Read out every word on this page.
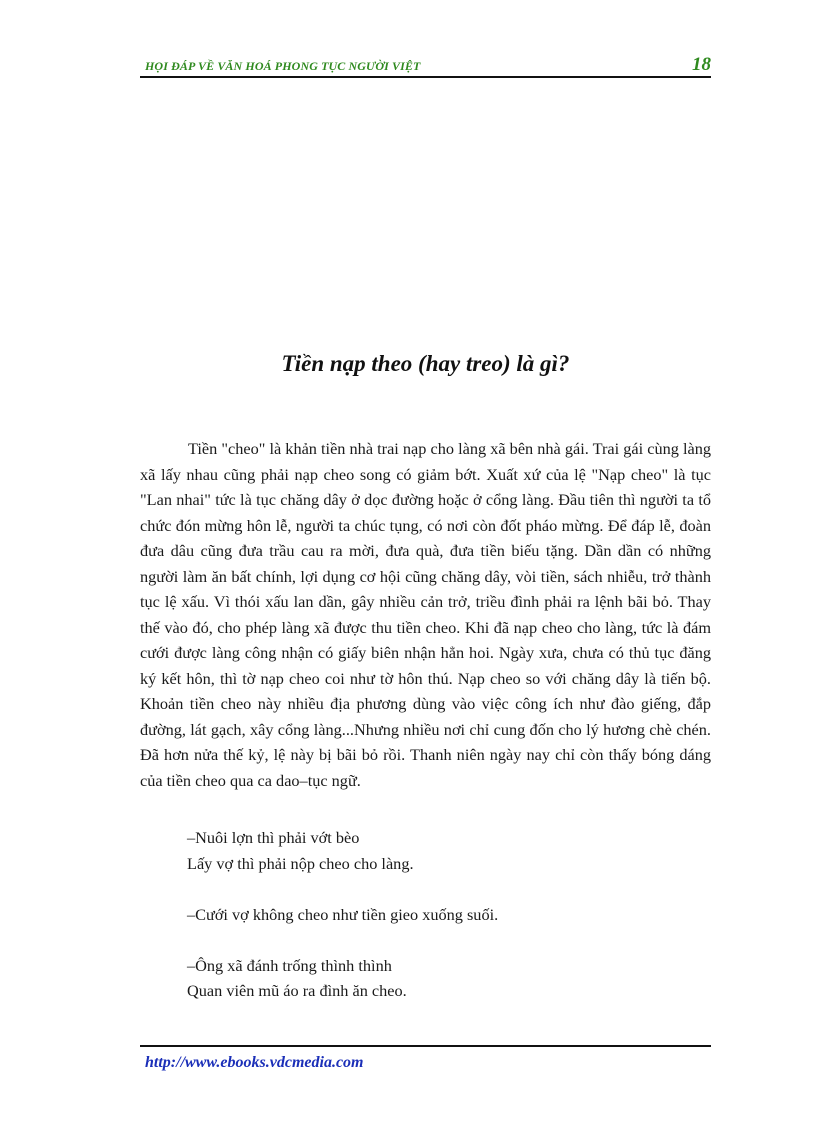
HỌI ĐÁP VỀ VĂN HOÁ PHONG TỤC NGƯỜI VIỆT	18
Tiền nạp theo (hay treo) là gì?

Tiền "cheo" là khản tiền nhà trai nạp cho làng xã bên nhà gái. Trai gái cùng làng xã lấy nhau cũng phải nạp cheo song có giảm bớt. Xuất xứ của lệ "Nạp cheo" là tục "Lan nhai" tức là tục chăng dây ở dọc đường hoặc ở cổng làng. Đầu tiên thì người ta tổ chức đón mừng hôn lễ, người ta chúc tụng, có nơi còn đốt pháo mừng. Để đáp lễ, đoàn đưa dâu cũng đưa trầu cau ra mời, đưa quà, đưa tiền biếu tặng. Dần dần có những người làm ăn bất chính, lợi dụng cơ hội cũng chăng dây, vòi tiền, sách nhiễu, trở thành tục lệ xấu. Vì thói xấu lan dần, gây nhiều cản trở, triều đình phải ra lệnh bãi bỏ. Thay thế vào đó, cho phép làng xã được thu tiền cheo. Khi đã nạp cheo cho làng, tức là đám cưới được làng công nhận có giấy biên nhận hẳn hoi. Ngày xưa, chưa có thủ tục đăng ký kết hôn, thì tờ nạp cheo coi như tờ hôn thú. Nạp cheo so với chăng dây là tiến bộ. Khoản tiền cheo này nhiều địa phương dùng vào việc công ích như đào giếng, đắp đường, lát gạch, xây cổng làng...Nhưng nhiều nơi chỉ cung đốn cho lý hương chè chén. Đã hơn nửa thế kỷ, lệ này bị bãi bỏ rồi. Thanh niên ngày nay chỉ còn thấy bóng dáng của tiền cheo qua ca dao–tục ngữ.

–Nuôi lợn thì phải vớt bèo
Lấy vợ thì phải nộp cheo cho làng.

–Cưới vợ không cheo như tiền gieo xuống suối.

–Ông xã đánh trống thình thình
Quan viên mũ áo ra đình ăn cheo.

http://www.ebooks.vdcmedia.com
